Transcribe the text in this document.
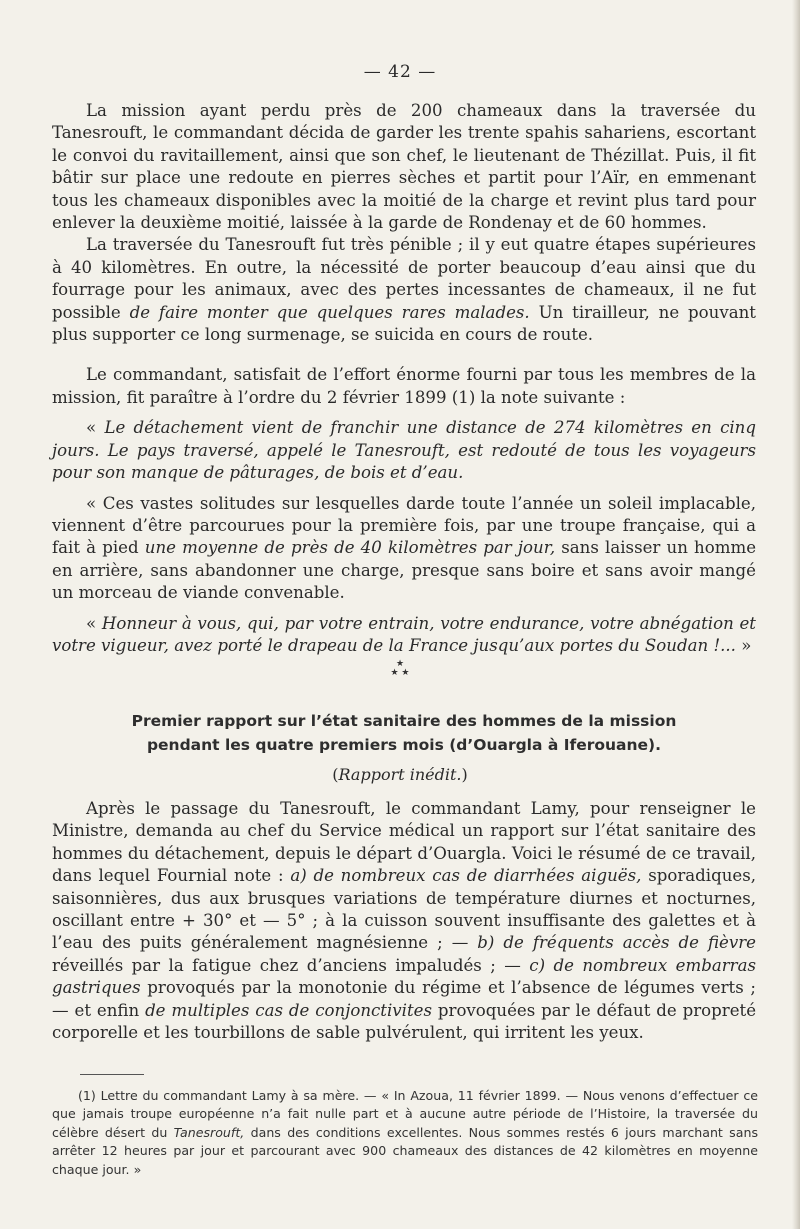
— 42 —

La mission ayant perdu près de 200 chameaux dans la traversée du Tanesrouft, le commandant décida de garder les trente spahis sahariens, escortant le convoi du ravitaillement, ainsi que son chef, le lieutenant de Thézillat. Puis, il fit bâtir sur place une redoute en pierres sèches et partit pour l’Aïr, en emmenant tous les chameaux disponibles avec la moitié de la charge et revint plus tard pour enlever la deuxième moitié, laissée à la garde de Rondenay et de 60 hommes.

La traversée du Tanesrouft fut très pénible ; il y eut quatre étapes supérieures à 40 kilomètres. En outre, la nécessité de porter beaucoup d’eau ainsi que du fourrage pour les animaux, avec des pertes incessantes de chameaux, il ne fut possible de faire monter que quelques rares malades. Un tirailleur, ne pouvant plus supporter ce long surmenage, se suicida en cours de route.

Le commandant, satisfait de l’effort énorme fourni par tous les membres de la mission, fit paraître à l’ordre du 2 février 1899 (1) la note suivante :

« Le détachement vient de franchir une distance de 274 kilomètres en cinq jours. Le pays traversé, appelé le Tanesrouft, est redouté de tous les voyageurs pour son manque de pâturages, de bois et d’eau.

« Ces vastes solitudes sur lesquelles darde toute l’année un soleil implacable, viennent d’être parcourues pour la première fois, par une troupe française, qui a fait à pied une moyenne de près de 40 kilomètres par jour, sans laisser un homme en arrière, sans abandonner une charge, presque sans boire et sans avoir mangé un morceau de viande convenable.

« Honneur à vous, qui, par votre entrain, votre endurance, votre abnégation et votre vigueur, avez porté le drapeau de la France jusqu’aux portes du Soudan !... »

★
★ ★
Premier rapport sur l’état sanitaire des hommes de la mission
pendant les quatre premiers mois (d’Ouargla à Iferouane).
(Rapport inédit.)

Après le passage du Tanesrouft, le commandant Lamy, pour renseigner le Ministre, demanda au chef du Service médical un rapport sur l’état sanitaire des hommes du détachement, depuis le départ d’Ouargla. Voici le résumé de ce travail, dans lequel Fournial note : a) de nombreux cas de diarrhées aiguës, sporadiques, saisonnières, dus aux brusques variations de température diurnes et nocturnes, oscillant entre + 30° et — 5° ; à la cuisson souvent insuffisante des galettes et à l’eau des puits généralement magnésienne ; — b) de fréquents accès de fièvre réveillés par la fatigue chez d’anciens impaludés ; — c) de nombreux embarras gastriques provoqués par la monotonie du régime et l’absence de légumes verts ; — et enfin de multiples cas de conjonctivites provoquées par le défaut de propreté corporelle et les tourbillons de sable pulvérulent, qui irritent les yeux.

(1) Lettre du commandant Lamy à sa mère. — « In Azoua, 11 février 1899. — Nous venons d’effectuer ce que jamais troupe européenne n’a fait nulle part et à aucune autre période de l’Histoire, la traversée du célèbre désert du Tanesrouft, dans des conditions excellentes. Nous sommes restés 6 jours marchant sans arrêter 12 heures par jour et parcourant avec 900 chameaux des distances de 42 kilomètres en moyenne chaque jour. »
